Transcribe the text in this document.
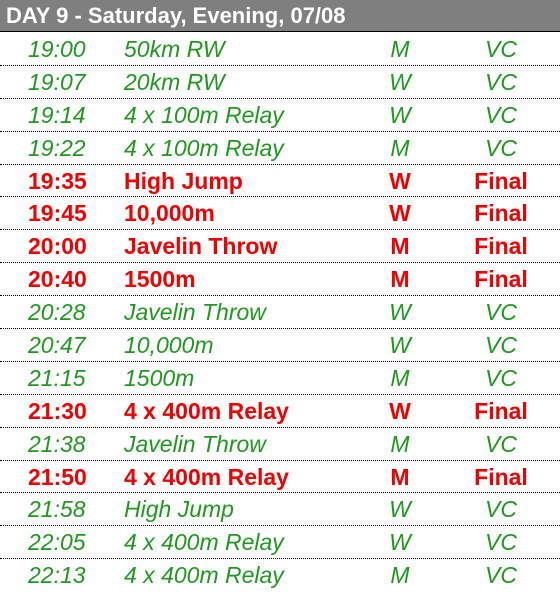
DAY 9 - Saturday, Evening, 07/08
19:00 50km RW	M	VC
19:07 20km RW	W	VC
19:14 4 x 100m Relay	W	VC
19:22 4 x 100m Relay	M	VC
19:35 High Jump	W	Final
19:45 10,000m	W	Final
20:00 Javelin Throw	M	Final
20:40 1500m	M	Final
20:28 Javelin Throw	W	VC
20:47 10,000m	W	VC
21:15 1500m	M	VC
21:30 4 x 400m Relay	W	Final
21:38 Javelin Throw	M	VC
21:50 4 x 400m Relay	M	Final
21:58 High Jump	W	VC
22:05 4 x 400m Relay	W	VC
22:13 4 x 400m Relay	M	VC
